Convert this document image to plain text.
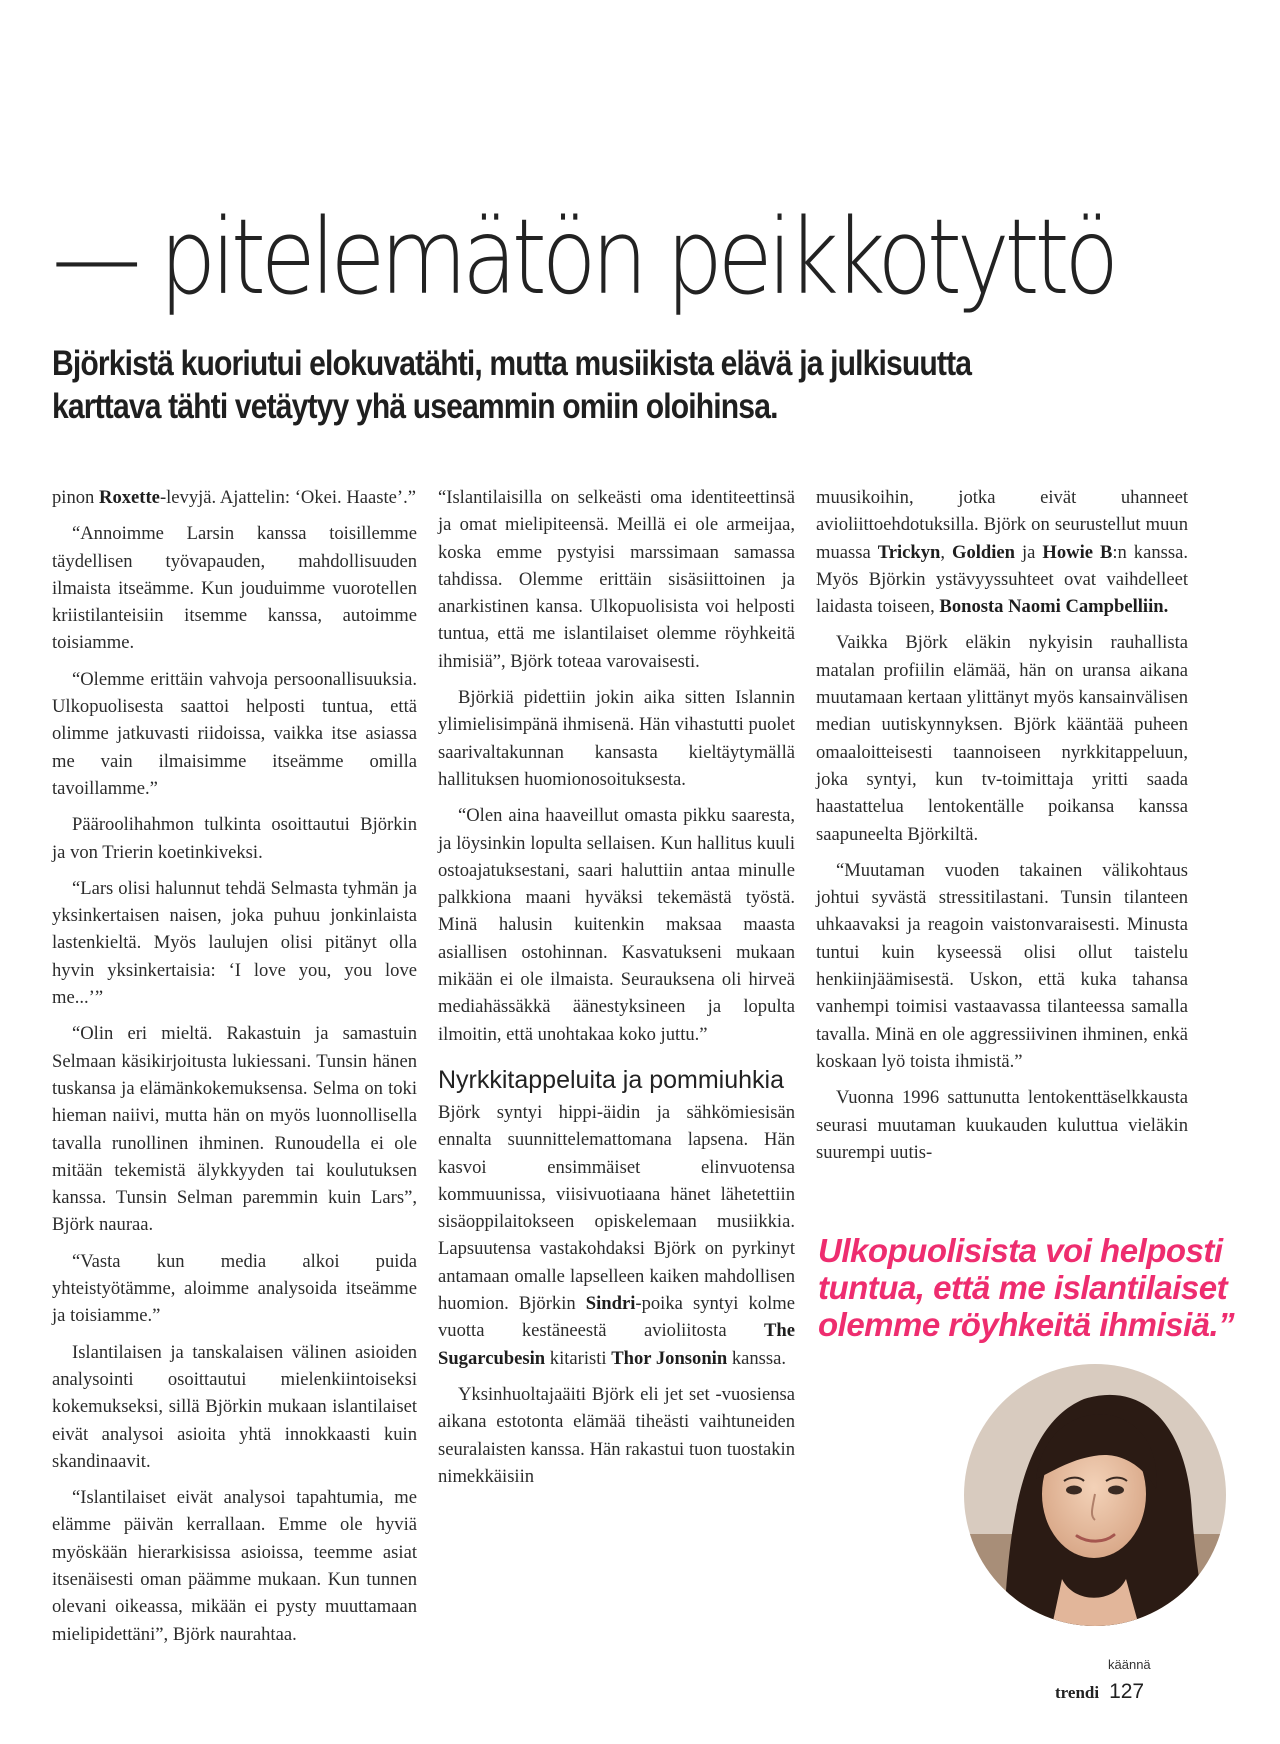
— pitelemätön peikkotyttö

Björkistä kuoriutui elokuvatähti, mutta musiikista elävä ja julkisuutta karttava tähti vetäytyy yhä useammin omiin oloihinsa.

pinon Roxette-levyjä. Ajattelin: ‘Okei. Haaste’.”

“Annoimme Larsin kanssa toisillemme täydellisen työvapauden, mahdollisuuden ilmaista itseämme. Kun jouduimme vuorotellen kriistilanteisiin itsemme kanssa, autoimme toisiamme.

“Olemme erittäin vahvoja persoonallisuuksia. Ulkopuolisesta saattoi helposti tuntua, että olimme jatkuvasti riidoissa, vaikka itse asiassa me vain ilmaisimme itseämme omilla tavoillamme.”

Pääroolihahmon tulkinta osoittautui Björkin ja von Trierin koetinkiveksi.

“Lars olisi halunnut tehdä Selmasta tyhmän ja yksinkertaisen naisen, joka puhuu jonkinlaista lastenkieltä. Myös laulujen olisi pitänyt olla hyvin yksinkertaisia: ‘I love you, you love me...’”

“Olin eri mieltä. Rakastuin ja samastuin Selmaan käsikirjoitusta lukiessani. Tunsin hänen tuskansa ja elämänkokemuksensa. Selma on toki hieman naiivi, mutta hän on myös luonnollisella tavalla runollinen ihminen. Runoudella ei ole mitään tekemistä älykkyyden tai koulutuksen kanssa. Tunsin Selman paremmin kuin Lars”, Björk nauraa.

“Vasta kun media alkoi puida yhteistyötämme, aloimme analysoida itseämme ja toisiamme.”

Islantilaisen ja tanskalaisen välinen asioiden analysointi osoittautui mielenkiintoiseksi kokemukseksi, sillä Björkin mukaan islantilaiset eivät analysoi asioita yhtä innokkaasti kuin skandinaavit.

“Islantilaiset eivät analysoi tapahtumia, me elämme päivän kerrallaan. Emme ole hyviä myöskään hierarkisissa asioissa, teemme asiat itsenäisesti oman päämme mukaan. Kun tunnen olevani oikeassa, mikään ei pysty muuttamaan mielipidettäni”, Björk naurahtaa.

“Islantilaisilla on selkeästi oma identiteettinsä ja omat mielipiteensä. Meillä ei ole armeijaa, koska emme pystyisi marssimaan samassa tahdissa. Olemme erittäin sisäsiittoinen ja anarkistinen kansa. Ulkopuolisista voi helposti tuntua, että me islantilaiset olemme röyhkeitä ihmisiä”, Björk toteaa varovaisesti.

Björkiä pidettiin jokin aika sitten Islannin ylimielisimpänä ihmisenä. Hän vihastutti puolet saarivaltakunnan kansasta kieltäytymällä hallituksen huomionosoituksesta.

“Olen aina haaveillut omasta pikku saaresta, ja löysinkin lopulta sellaisen. Kun hallitus kuuli ostoajatuksestani, saari haluttiin antaa minulle palkkiona maani hyväksi tekemästä työstä. Minä halusin kuitenkin maksaa maasta asiallisen ostohinnan. Kasvatukseni mukaan mikään ei ole ilmaista. Seurauksena oli hirveä mediahässäkkä äänestyksineen ja lopulta ilmoitin, että unohtakaa koko juttu.”

Nyrkkitappeluita ja pommiuhkia

Björk syntyi hippi-äidin ja sähkömiesisän ennalta suunnittelemattomana lapsena. Hän kasvoi ensimmäiset elinvuotensa kommuunissa, viisivuotiaana hänet lähetettiin sisäoppilaitokseen opiskelemaan musiikkia. Lapsuutensa vastakohdaksi Björk on pyrkinyt antamaan omalle lapselleen kaiken mahdollisen huomion. Björkin Sindri-poika syntyi kolme vuotta kestäneestä avioliitosta The Sugarcubesin kitaristi Thor Jonsonin kanssa.

Yksinhuoltajaäiti Björk eli jet set -vuosiensa aikana estotonta elämää tiheästi vaihtuneiden seuralaisten kanssa. Hän rakastui tuon tuostakin nimekkäisiin

muusikoihin, jotka eivät uhanneet avioliittoehdotuksilla. Björk on seurustellut muun muassa Trickyn, Goldien ja Howie B:n kanssa. Myös Björkin ystävyyssuhteet ovat vaihdelleet laidasta toiseen, Bonosta Naomi Campbelliin.

Vaikka Björk eläkin nykyisin rauhallista matalan profiilin elämää, hän on uransa aikana muutamaan kertaan ylittänyt myös kansainvälisen median uutiskynnyksen. Björk kääntää puheen omaaloitteisesti taannoiseen nyrkkitappeluun, joka syntyi, kun tv-toimittaja yritti saada haastattelua lentokentälle poikansa kanssa saapuneelta Björkiltä.

“Muutaman vuoden takainen välikohtaus johtui syvästä stressitilastani. Tunsin tilanteen uhkaavaksi ja reagoin vaistonvaraisesti. Minusta tuntui kuin kyseessä olisi ollut taistelu henkiinjäämisestä. Uskon, että kuka tahansa vanhempi toimisi vastaavassa tilanteessa samalla tavalla. Minä en ole aggressiivinen ihminen, enkä koskaan lyö toista ihmistä.”

Vuonna 1996 sattunutta lentokenttäselkkausta seurasi muutaman kuukauden kuluttua vieläkin suurempi uutis-

Ulkopuolisista voi helposti tuntua, että me islantilaiset olemme röyhkeitä ihmisiä.”

käännä
trendi 127
